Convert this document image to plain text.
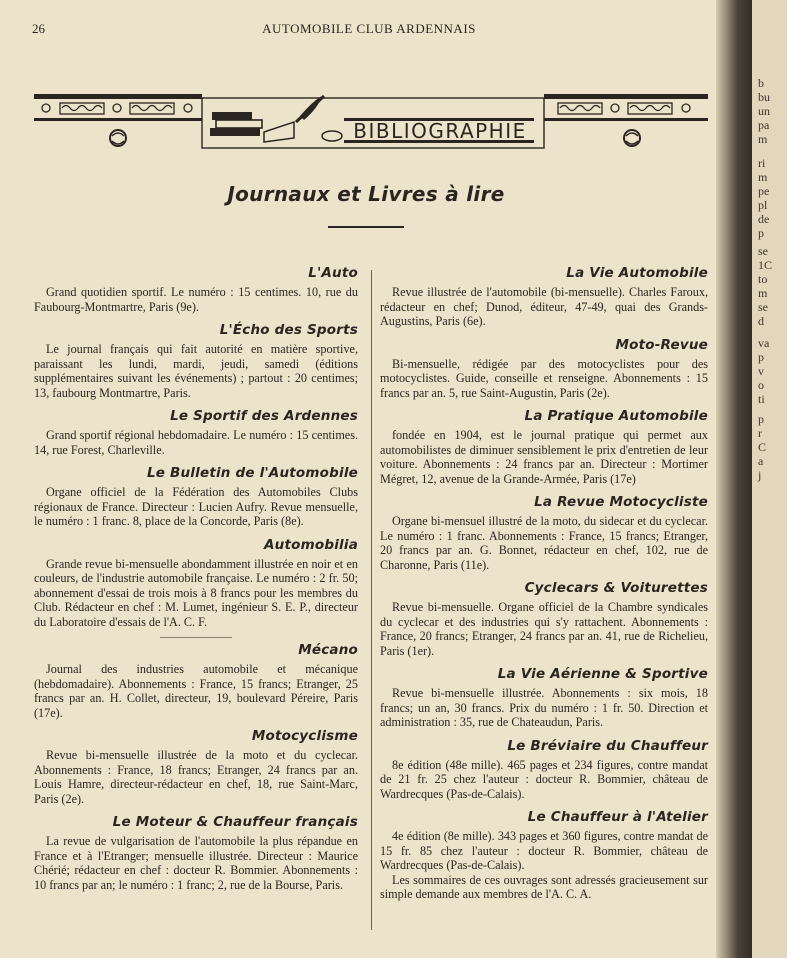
26	AUTOMOBILE CLUB ARDENNAIS
BIBLIOGRAPHIE
Journaux et Livres à lire
L'Auto

Grand quotidien sportif. Le numéro : 15 centimes. 10, rue du Faubourg-Montmartre, Paris (9e).

L'Écho des Sports

Le journal français qui fait autorité en matière sportive, paraissant les lundi, mardi, jeudi, samedi (éditions supplémentaires suivant les événements) ; partout : 20 centimes; 13, faubourg Montmartre, Paris.

Le Sportif des Ardennes

Grand sportif régional hebdomadaire. Le numéro : 15 centimes. 14, rue Forest, Charleville.

Le Bulletin de l'Automobile

Organe officiel de la Fédération des Automobiles Clubs régionaux de France. Directeur : Lucien Aufry. Revue mensuelle, le numéro : 1 franc. 8, place de la Concorde, Paris (8e).

Automobilia

Grande revue bi-mensuelle abondamment illustrée en noir et en couleurs, de l'industrie automobile française. Le numéro : 2 fr. 50; abonnement d'essai de trois mois à 8 francs pour les membres du Club. Rédacteur en chef : M. Lumet, ingénieur S. E. P., directeur du Laboratoire d'essais de l'A. C. F.

Mécano

Journal des industries automobile et mécanique (hebdomadaire). Abonnements : France, 15 francs; Etranger, 25 francs par an. H. Collet, directeur, 19, boulevard Péreire, Paris (17e).

Motocyclisme

Revue bi-mensuelle illustrée de la moto et du cyclecar. Abonnements : France, 18 francs; Etranger, 24 francs par an. Louis Hamre, directeur-rédacteur en chef, 18, rue Saint-Marc, Paris (2e).

Le Moteur & Chauffeur français

La revue de vulgarisation de l'automobile la plus répandue en France et à l'Etranger; mensuelle illustrée. Directeur : Maurice Chérié; rédacteur en chef : docteur R. Bommier. Abonnements : 10 francs par an; le numéro : 1 franc; 2, rue de la Bourse, Paris.

La Vie Automobile

Revue illustrée de l'automobile (bi-mensuelle). Charles Faroux, rédacteur en chef; Dunod, éditeur, 47-49, quai des Grands-Augustins, Paris (6e).

Moto-Revue

Bi-mensuelle, rédigée par des motocyclistes pour des motocyclistes. Guide, conseille et renseigne. Abonnements : 15 francs par an. 5, rue Saint-Augustin, Paris (2e).

La Pratique Automobile

fondée en 1904, est le journal pratique qui permet aux automobilistes de diminuer sensiblement le prix d'entretien de leur voiture. Abonnements : 24 francs par an. Directeur : Mortimer Mégret, 12, avenue de la Grande-Armée, Paris (17e)

La Revue Motocycliste

Organe bi-mensuel illustré de la moto, du sidecar et du cyclecar. Le numéro : 1 franc. Abonnements : France, 15 francs; Etranger, 20 francs par an. G. Bonnet, rédacteur en chef, 102, rue de Charonne, Paris (11e).

Cyclecars & Voiturettes

Revue bi-mensuelle. Organe officiel de la Chambre syndicales du cyclecar et des industries qui s'y rattachent. Abonnements : France, 20 francs; Etranger, 24 francs par an. 41, rue de Richelieu, Paris (1er).

La Vie Aérienne & Sportive

Revue bi-mensuelle illustrée. Abonnements : six mois, 18 francs; un an, 30 francs. Prix du numéro : 1 fr. 50. Direction et administration : 35, rue de Chateaudun, Paris.

Le Bréviaire du Chauffeur

8e édition (48e mille). 465 pages et 234 figures, contre mandat de 21 fr. 25 chez l'auteur : docteur R. Bommier, château de Wardrecques (Pas-de-Calais).

Le Chauffeur à l'Atelier

4e édition (8e mille). 343 pages et 360 figures, contre mandat de 15 fr. 85 chez l'auteur : docteur R. Bommier, château de Wardrecques (Pas-de-Calais).

Les sommaires de ces ouvrages sont adressés gracieusement sur simple demande aux membres de l'A. C. A.

b
bu
un
pa
m
ri
m
pe
pl
de
p
se
1C
to
m
se
d
va
p
v
o
ti
p
r
C
a
j
